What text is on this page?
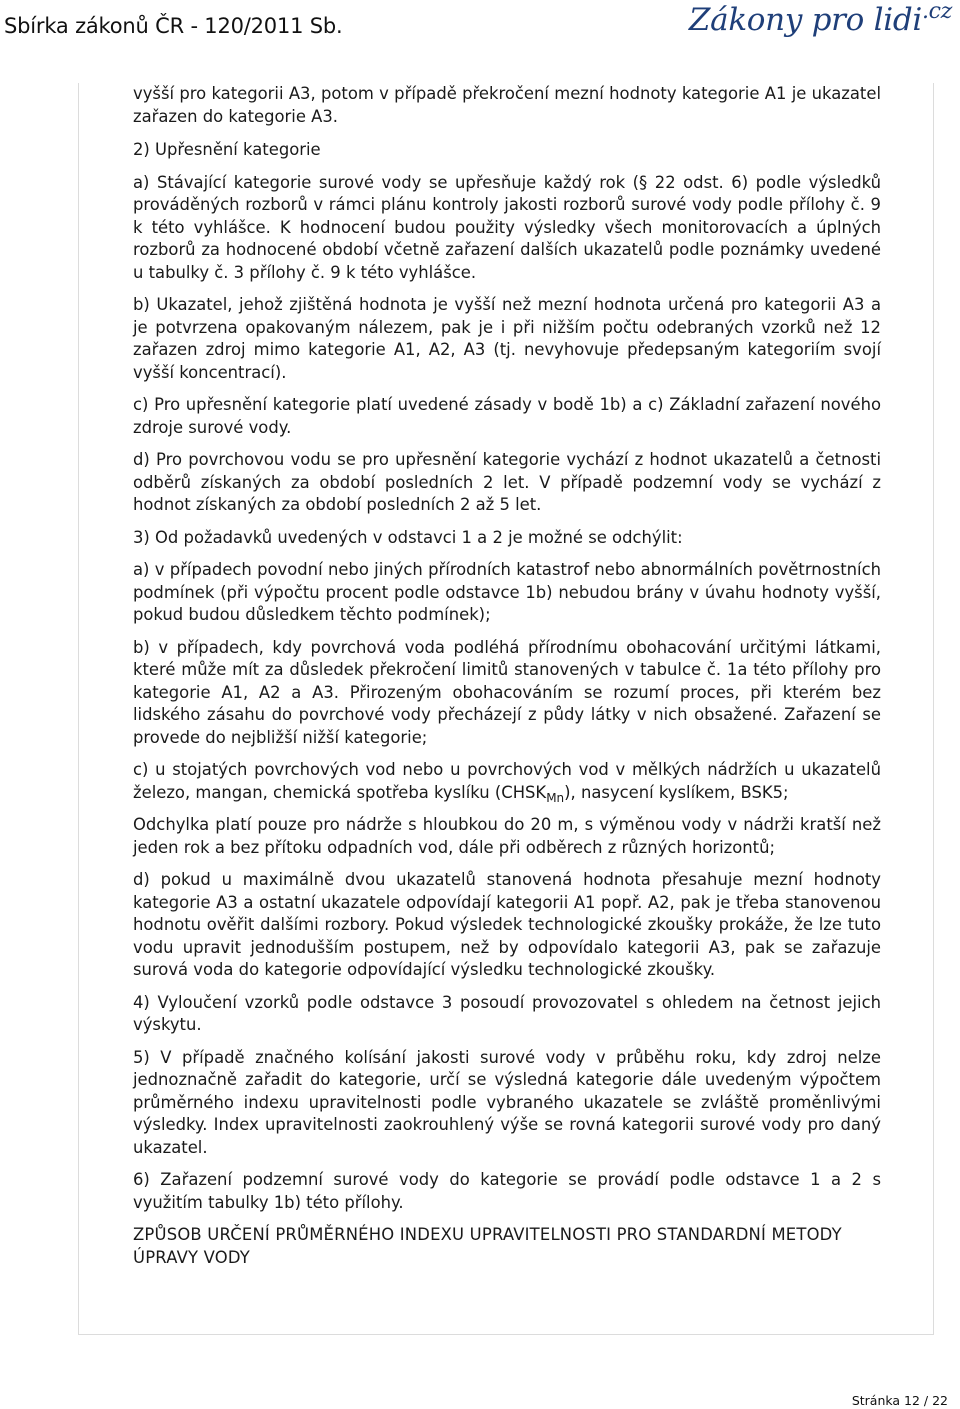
Sbírka zákonů ČR - 120/2011 Sb.	Zákony pro lidi$^{.cz}$

vyšší pro kategorii A3, potom v případě překročení mezní hodnoty kategorie A1 je ukazatel zařazen do kategorie A3.

2) Upřesnění kategorie

a) Stávající kategorie surové vody se upřesňuje každý rok (§ 22 odst. 6) podle výsledků prováděných rozborů v rámci plánu kontroly jakosti rozborů surové vody podle přílohy č. 9 k této vyhlášce. K hodnocení budou použity výsledky všech monitorovacích a úplných rozborů za hodnocené období včetně zařazení dalších ukazatelů podle poznámky uvedené u tabulky č. 3 přílohy č. 9 k této vyhlášce.

b) Ukazatel, jehož zjištěná hodnota je vyšší než mezní hodnota určená pro kategorii A3 a je potvrzena opakovaným nálezem, pak je i při nižším počtu odebraných vzorků než 12 zařazen zdroj mimo kategorie A1, A2, A3 (tj. nevyhovuje předepsaným kategoriím svojí vyšší koncentrací).

c) Pro upřesnění kategorie platí uvedené zásady v bodě 1b) a c) Základní zařazení nového zdroje surové vody.

d) Pro povrchovou vodu se pro upřesnění kategorie vychází z hodnot ukazatelů a četnosti odběrů získaných za období posledních 2 let. V případě podzemní vody se vychází z hodnot získaných za období posledních 2 až 5 let.

3) Od požadavků uvedených v odstavci 1 a 2 je možné se odchýlit:

a) v případech povodní nebo jiných přírodních katastrof nebo abnormálních povětrnostních podmínek (při výpočtu procent podle odstavce 1b) nebudou brány v úvahu hodnoty vyšší, pokud budou důsledkem těchto podmínek);

b) v případech, kdy povrchová voda podléhá přírodnímu obohacování určitými látkami, které může mít za důsledek překročení limitů stanovených v tabulce č. 1a této přílohy pro kategorie A1, A2 a A3. Přirozeným obohacováním se rozumí proces, při kterém bez lidského zásahu do povrchové vody přecházejí z půdy látky v nich obsažené. Zařazení se provede do nejbližší nižší kategorie;

c) u stojatých povrchových vod nebo u povrchových vod v mělkých nádržích u ukazatelů železo, mangan, chemická spotřeba kyslíku $(CHSK_{Mn})$, nasycení kyslíkem, BSK5;

Odchylka platí pouze pro nádrže s hloubkou do 20 m, s výměnou vody v nádrži kratší než jeden rok a bez přítoku odpadních vod, dále při odběrech z různých horizontů;

d) pokud u maximálně dvou ukazatelů stanovená hodnota přesahuje mezní hodnoty kategorie A3 a ostatní ukazatele odpovídají kategorii A1 popř. A2, pak je třeba stanovenou hodnotu ověřit dalšími rozbory. Pokud výsledek technologické zkoušky prokáže, že lze tuto vodu upravit jednodušším postupem, než by odpovídalo kategorii A3, pak se zařazuje surová voda do kategorie odpovídající výsledku technologické zkoušky.

4) Vyloučení vzorků podle odstavce 3 posoudí provozovatel s ohledem na četnost jejich výskytu.

5) V případě značného kolísání jakosti surové vody v průběhu roku, kdy zdroj nelze jednoznačně zařadit do kategorie, určí se výsledná kategorie dále uvedeným výpočtem průměrného indexu upravitelnosti podle vybraného ukazatele se zvláště proměnlivými výsledky. Index upravitelnosti zaokrouhlený výše se rovná kategorii surové vody pro daný ukazatel.

6) Zařazení podzemní surové vody do kategorie se provádí podle odstavce 1 a 2 s využitím tabulky 1b) této přílohy.

ZPŮSOB URČENÍ PRŮMĚRNÉHO INDEXU UPRAVITELNOSTI PRO STANDARDNÍ METODY ÚPRAVY VODY

Stránka 12 / 22
